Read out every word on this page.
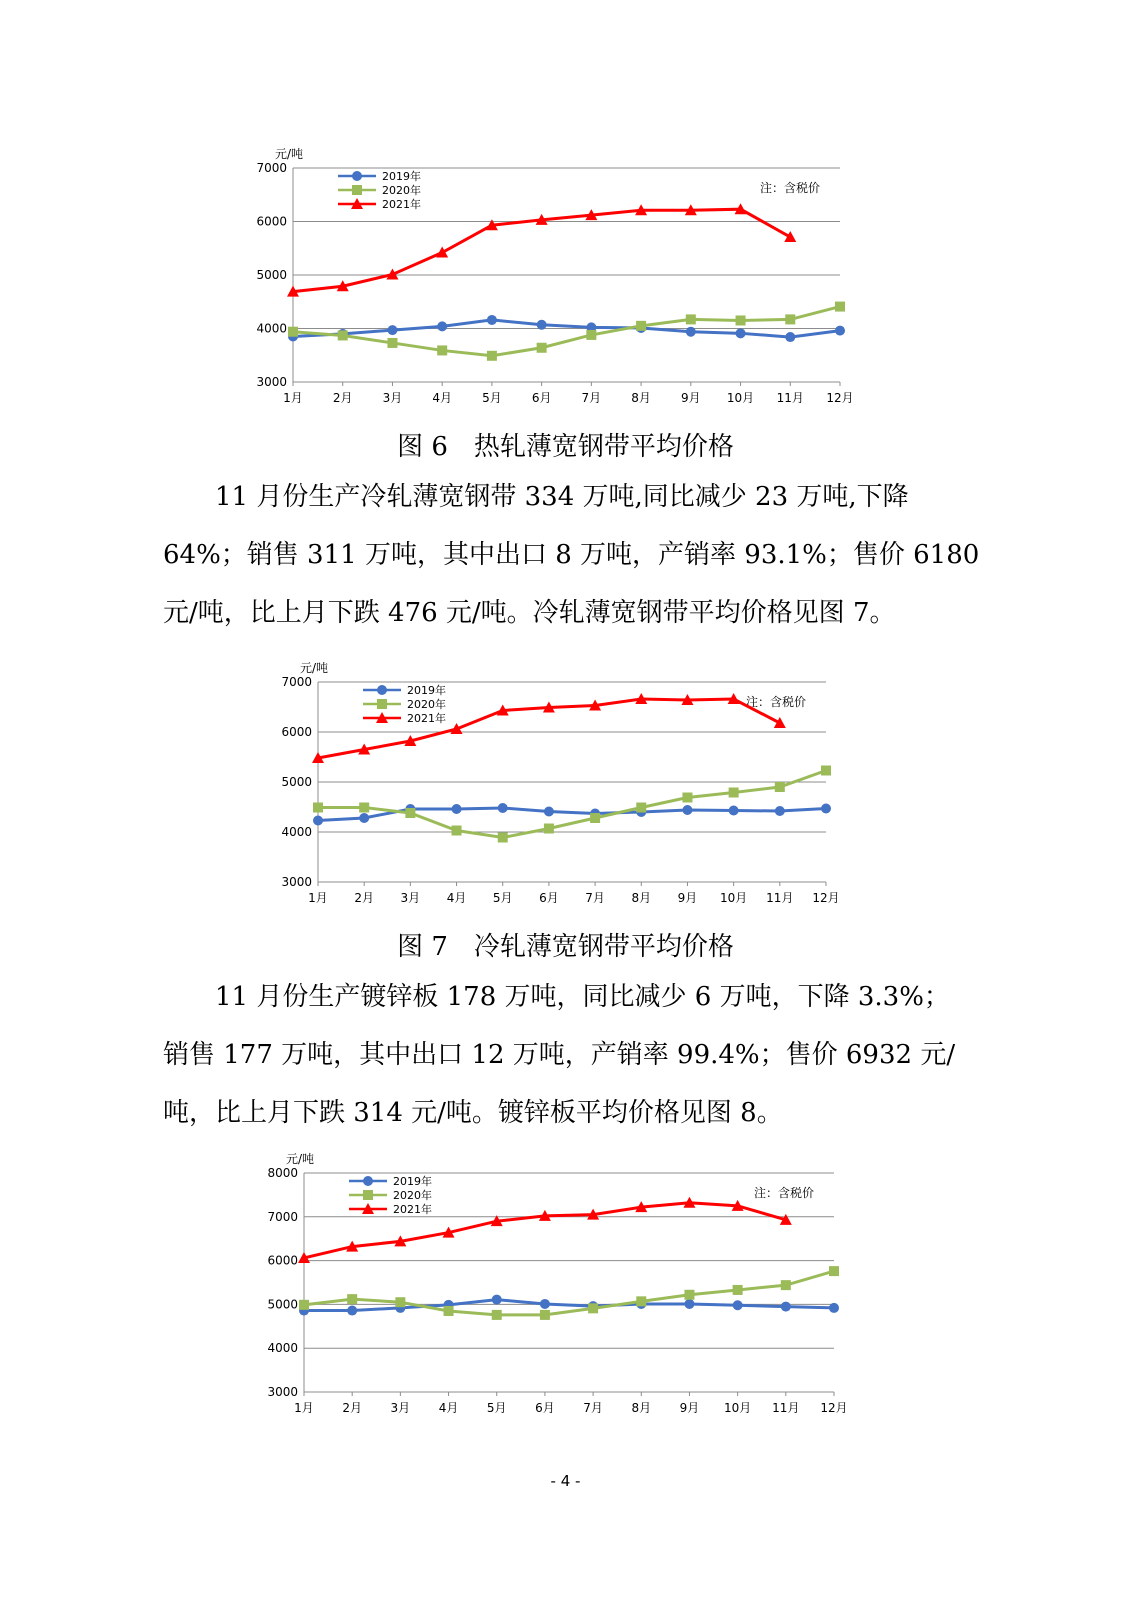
3000
4000
5000
6000
7000
1月	2月	3月	4月	5月	6月	7月	8月	9月 10月 11月 12月
元/吨
注：含税价
2019年
2020年
2021年
图 6　热轧薄宽钢带平均价格
11 月份生产冷轧薄宽钢带 334 万吨,同比减少 23 万吨,下降
64%；销售 311 万吨，其中出口 8 万吨，产销率 93.1%；售价 6180
元/吨，比上月下跌 476 元/吨。冷轧薄宽钢带平均价格见图 7。
3000
4000
5000
6000
7000
1月 2月 3月 4月 5月 6月 7月 8月 9月 10月 11月 12月
元/吨
注：含税价
2019年
2020年
2021年
图 7　冷轧薄宽钢带平均价格
11 月份生产镀锌板 178 万吨，同比减少 6 万吨，下降 3.3%；
销售 177 万吨，其中出口 12 万吨，产销率 99.4%；售价 6932 元/
吨，比上月下跌 314 元/吨。镀锌板平均价格见图 8。
3000
4000
5000
6000
7000
8000
1月 2月 3月 4月 5月 6月 7月 8月 9月 10月 11月 12月
元/吨
注：含税价
2019年
2020年
2021年
- 4 -
